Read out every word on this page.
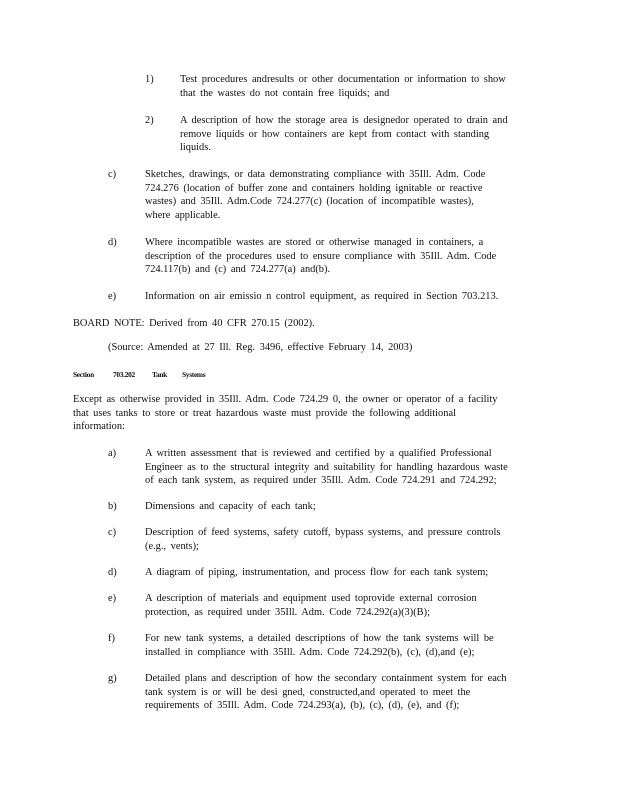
1)	Test procedures andresults or other documentation or information to show
that the wastes do not contain free liquids; and
2)	A description of how the storage area is designedor operated to drain and
remove liquids or how containers are kept from contact with standing
liquids.
c)	Sketches, drawings, or data demonstrating compliance with 35Ill. Adm. Code
724.276 (location of buffer zone and containers holding ignitable or reactive
wastes) and 35Ill. Adm.Code 724.277(c) (location of incompatible wastes),
where applicable.
d)	Where incompatible wastes are stored or otherwise managed in containers, a
description of the procedures used to ensure compliance with 35Ill. Adm. Code
724.117(b) and (c) and 724.277(a) and(b).
e)	Information on air emissio n control equipment, as required in Section 703.213.
BOARD NOTE: Derived from 40 CFR 270.15 (2002).
(Source: Amended at 27 Ill. Reg. 3496, effective February 14, 2003)
Section	703.202 Tank Systems
Except as otherwise provided in 35Ill. Adm. Code 724.29 0, the owner or operator of a facility
that uses tanks to store or treat hazardous waste must provide the following additional
information:
a)	A written assessment that is reviewed and certified by a qualified Professional
Engineer as to the structural integrity and suitability for handling hazardous waste
of each tank system, as required under 35Ill. Adm. Code 724.291 and 724.292;
b)	Dimensions and capacity of each tank;
c)	Description of feed systems, safety cutoff, bypass systems, and pressure controls
(e.g., vents);
d)	A diagram of piping, instrumentation, and process flow for each tank system;
e)	A description of materials and equipment used toprovide external corrosion
protection, as required under 35Ill. Adm. Code 724.292(a)(3)(B);
f)	For new tank systems, a detailed descriptions of how the tank systems will be
installed in compliance with 35Ill. Adm. Code 724.292(b), (c), (d),and (e);
g)	Detailed plans and description of how the secondary containment system for each
tank system is or will be desi gned, constructed,and operated to meet the
requirements of 35Ill. Adm. Code 724.293(a), (b), (c), (d), (e), and (f);
